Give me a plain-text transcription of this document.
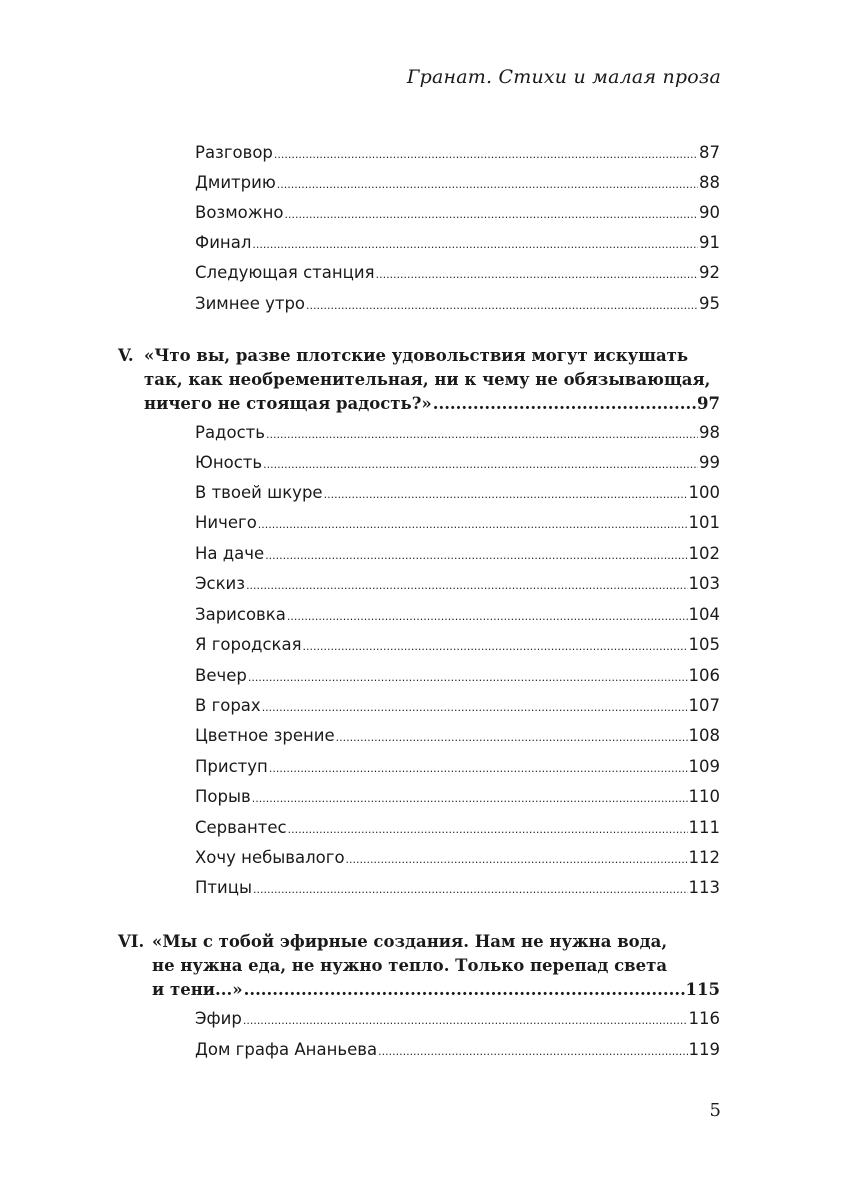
Гранат. Стихи и малая проза
Разговор .....	87
Дмитрию .....	88
Возможно .....	90
Финал .....	91
Следующая станция .....	92
Зимнее утро .....	95
V. «Что вы, разве плотские удовольствия могут искушать
так, как необременительная, ни к чему не обязывающая,
ничего не стоящая радость?» .....	97
Радость .....	98
Юность .....	99
В твоей шкуре .....	100
Ничего .....	101
На даче .....	102
Эскиз .....	103
Зарисовка .....	104
Я городская .....	105
Вечер .....	106
В горах .....	107
Цветное зрение .....	108
Приступ .....	109
Порыв .....	110
Сервантес .....	111
Хочу небывалого .....	112
Птицы .....	113
VI. «Мы с тобой эфирные создания. Нам не нужна вода,
не нужна еда, не нужно тепло. Только перепад света
и тени...» .....	115
Эфир .....	116
Дом графа Ананьева .....	119
5
